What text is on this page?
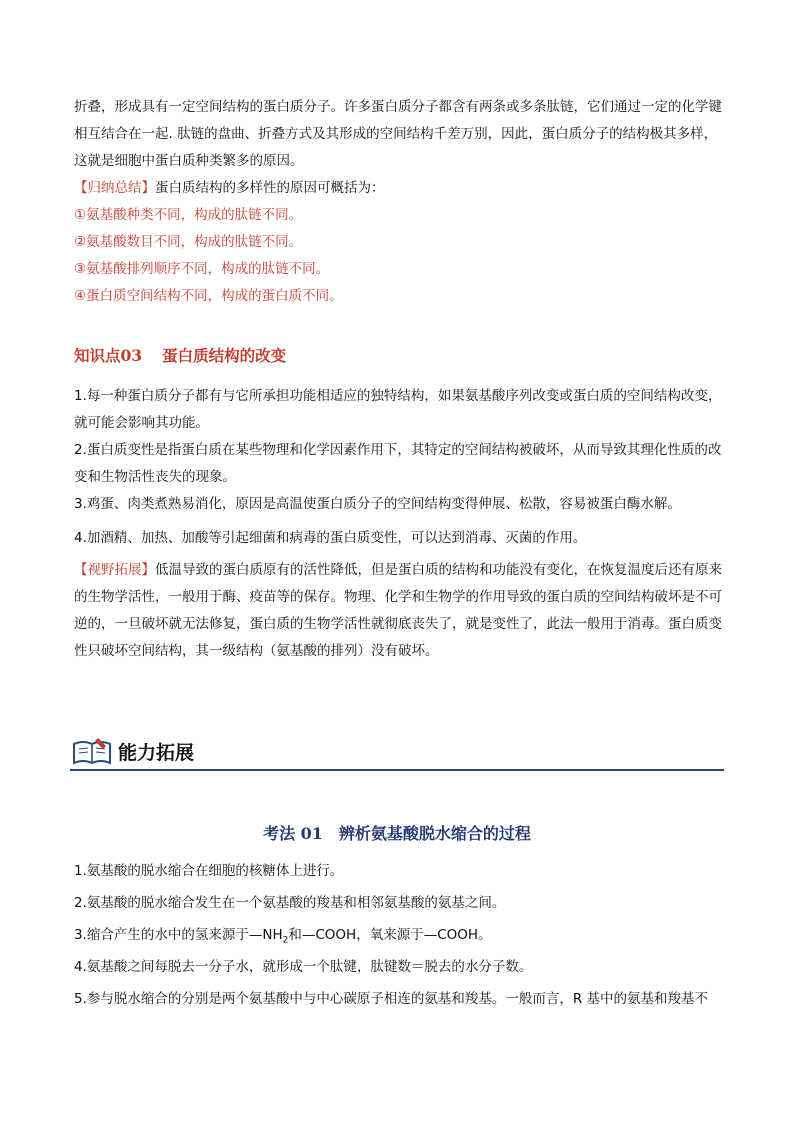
折叠，形成具有一定空间结构的蛋白质分子。许多蛋白质分子都含有两条或多条肽链，它们通过一定的化学键相互结合在一起. 肽链的盘曲、折叠方式及其形成的空间结构千差万别，因此，蛋白质分子的结构极其多样，这就是细胞中蛋白质种类繁多的原因。

【归纳总结】蛋白质结构的多样性的原因可概括为：

①氨基酸种类不同，构成的肽链不同。

②氨基酸数目不同，构成的肽链不同。

③氨基酸排列顺序不同，构成的肽链不同。

④蛋白质空间结构不同，构成的蛋白质不同。

知识点03 蛋白质结构的改变

1.每一种蛋白质分子都有与它所承担功能相适应的独特结构，如果氨基酸序列改变或蛋白质的空间结构改变，就可能会影响其功能。

2.蛋白质变性是指蛋白质在某些物理和化学因素作用下，其特定的空间结构被破坏，从而导致其理化性质的改变和生物活性丧失的现象。

3.鸡蛋、肉类煮熟易消化，原因是高温使蛋白质分子的空间结构变得伸展、松散，容易被蛋白酶水解。

4.加酒精、加热、加酸等引起细菌和病毒的蛋白质变性，可以达到消毒、灭菌的作用。

【视野拓展】低温导致的蛋白质原有的活性降低，但是蛋白质的结构和功能没有变化，在恢复温度后还有原来的生物学活性，一般用于酶、疫苗等的保存。物理、化学和生物学的作用导致的蛋白质的空间结构破坏是不可逆的，一旦破坏就无法修复，蛋白质的生物学活性就彻底丧失了，就是变性了，此法一般用于消毒。蛋白质变性只破坏空间结构，其一级结构（氨基酸的排列）没有破坏。

能力拓展
考法 01 辨析氨基酸脱水缩合的过程

1.氨基酸的脱水缩合在细胞的核糖体上进行。

2.氨基酸的脱水缩合发生在一个氨基酸的羧基和相邻氨基酸的氨基之间。

3.缩合产生的水中的氢来源于$—NH_2$和—COOH，氧来源于—COOH。

4.氨基酸之间每脱去一分子水，就形成一个肽键，肽键数＝脱去的水分子数。

5.参与脱水缩合的分别是两个氨基酸中与中心碳原子相连的氨基和羧基。一般而言，R 基中的氨基和羧基不
